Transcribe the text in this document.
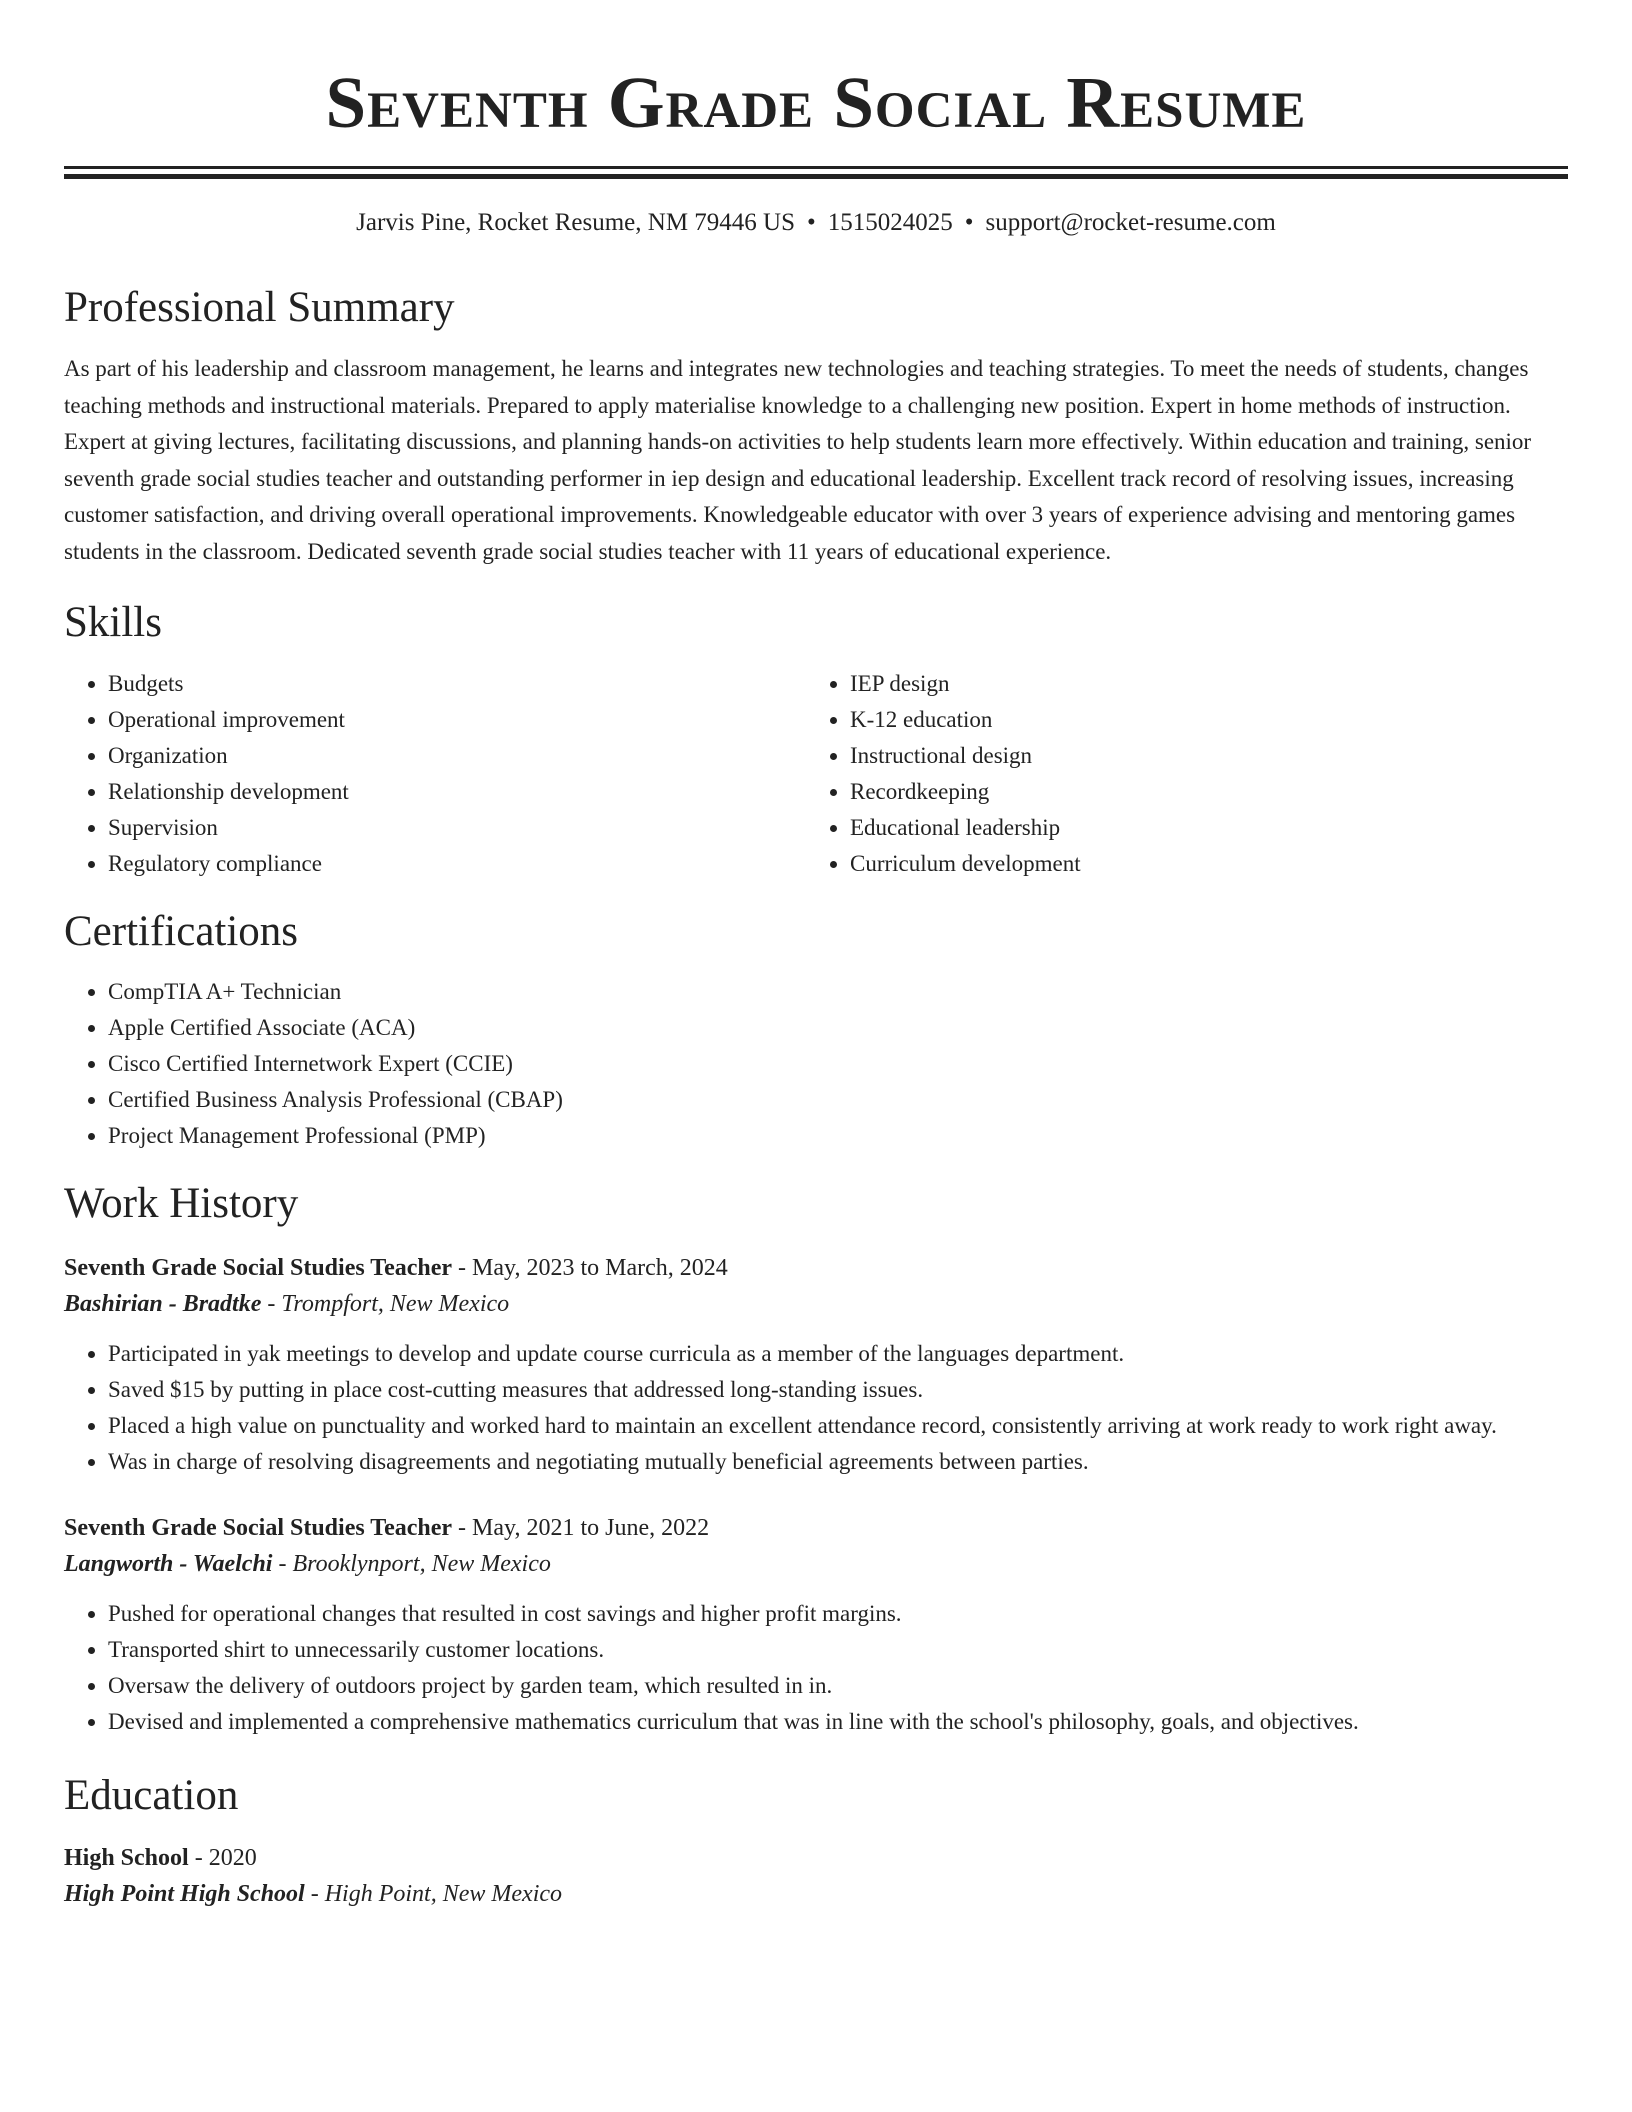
Seventh Grade Social Resume
Jarvis Pine, Rocket Resume, NM 79446 US • 1515024025 • support@rocket-resume.com
Professional Summary

As part of his leadership and classroom management, he learns and integrates new technologies and teaching strategies. To meet the needs of students, changes teaching methods and instructional materials. Prepared to apply materialise knowledge to a challenging new position. Expert in home methods of instruction. Expert at giving lectures, facilitating discussions, and planning hands-on activities to help students learn more effectively. Within education and training, senior seventh grade social studies teacher and outstanding performer in iep design and educational leadership. Excellent track record of resolving issues, increasing customer satisfaction, and driving overall operational improvements. Knowledgeable educator with over 3 years of experience advising and mentoring games students in the classroom. Dedicated seventh grade social studies teacher with 11 years of educational experience.

Skills
• Budgets
• Operational improvement
• Organization
• Relationship development
• Supervision
• Regulatory compliance
• IEP design
• K-12 education
• Instructional design
• Recordkeeping
• Educational leadership
• Curriculum development
Certifications
• CompTIA A+ Technician
• Apple Certified Associate (ACA)
• Cisco Certified Internetwork Expert (CCIE)
• Certified Business Analysis Professional (CBAP)
• Project Management Professional (PMP)
Work History
Seventh Grade Social Studies Teacher - May, 2023 to March, 2024
Bashirian - Bradtke - Trompfort, New Mexico
• Participated in yak meetings to develop and update course curricula as a member of the languages department.
• Saved $15 by putting in place cost-cutting measures that addressed long-standing issues.
• Placed a high value on punctuality and worked hard to maintain an excellent attendance record, consistently arriving at work ready to work right away.
• Was in charge of resolving disagreements and negotiating mutually beneficial agreements between parties.
Seventh Grade Social Studies Teacher - May, 2021 to June, 2022
Langworth - Waelchi - Brooklynport, New Mexico
• Pushed for operational changes that resulted in cost savings and higher profit margins.
• Transported shirt to unnecessarily customer locations.
• Oversaw the delivery of outdoors project by garden team, which resulted in in.
• Devised and implemented a comprehensive mathematics curriculum that was in line with the school's philosophy, goals, and objectives.
Education
High School - 2020
High Point High School - High Point, New Mexico
